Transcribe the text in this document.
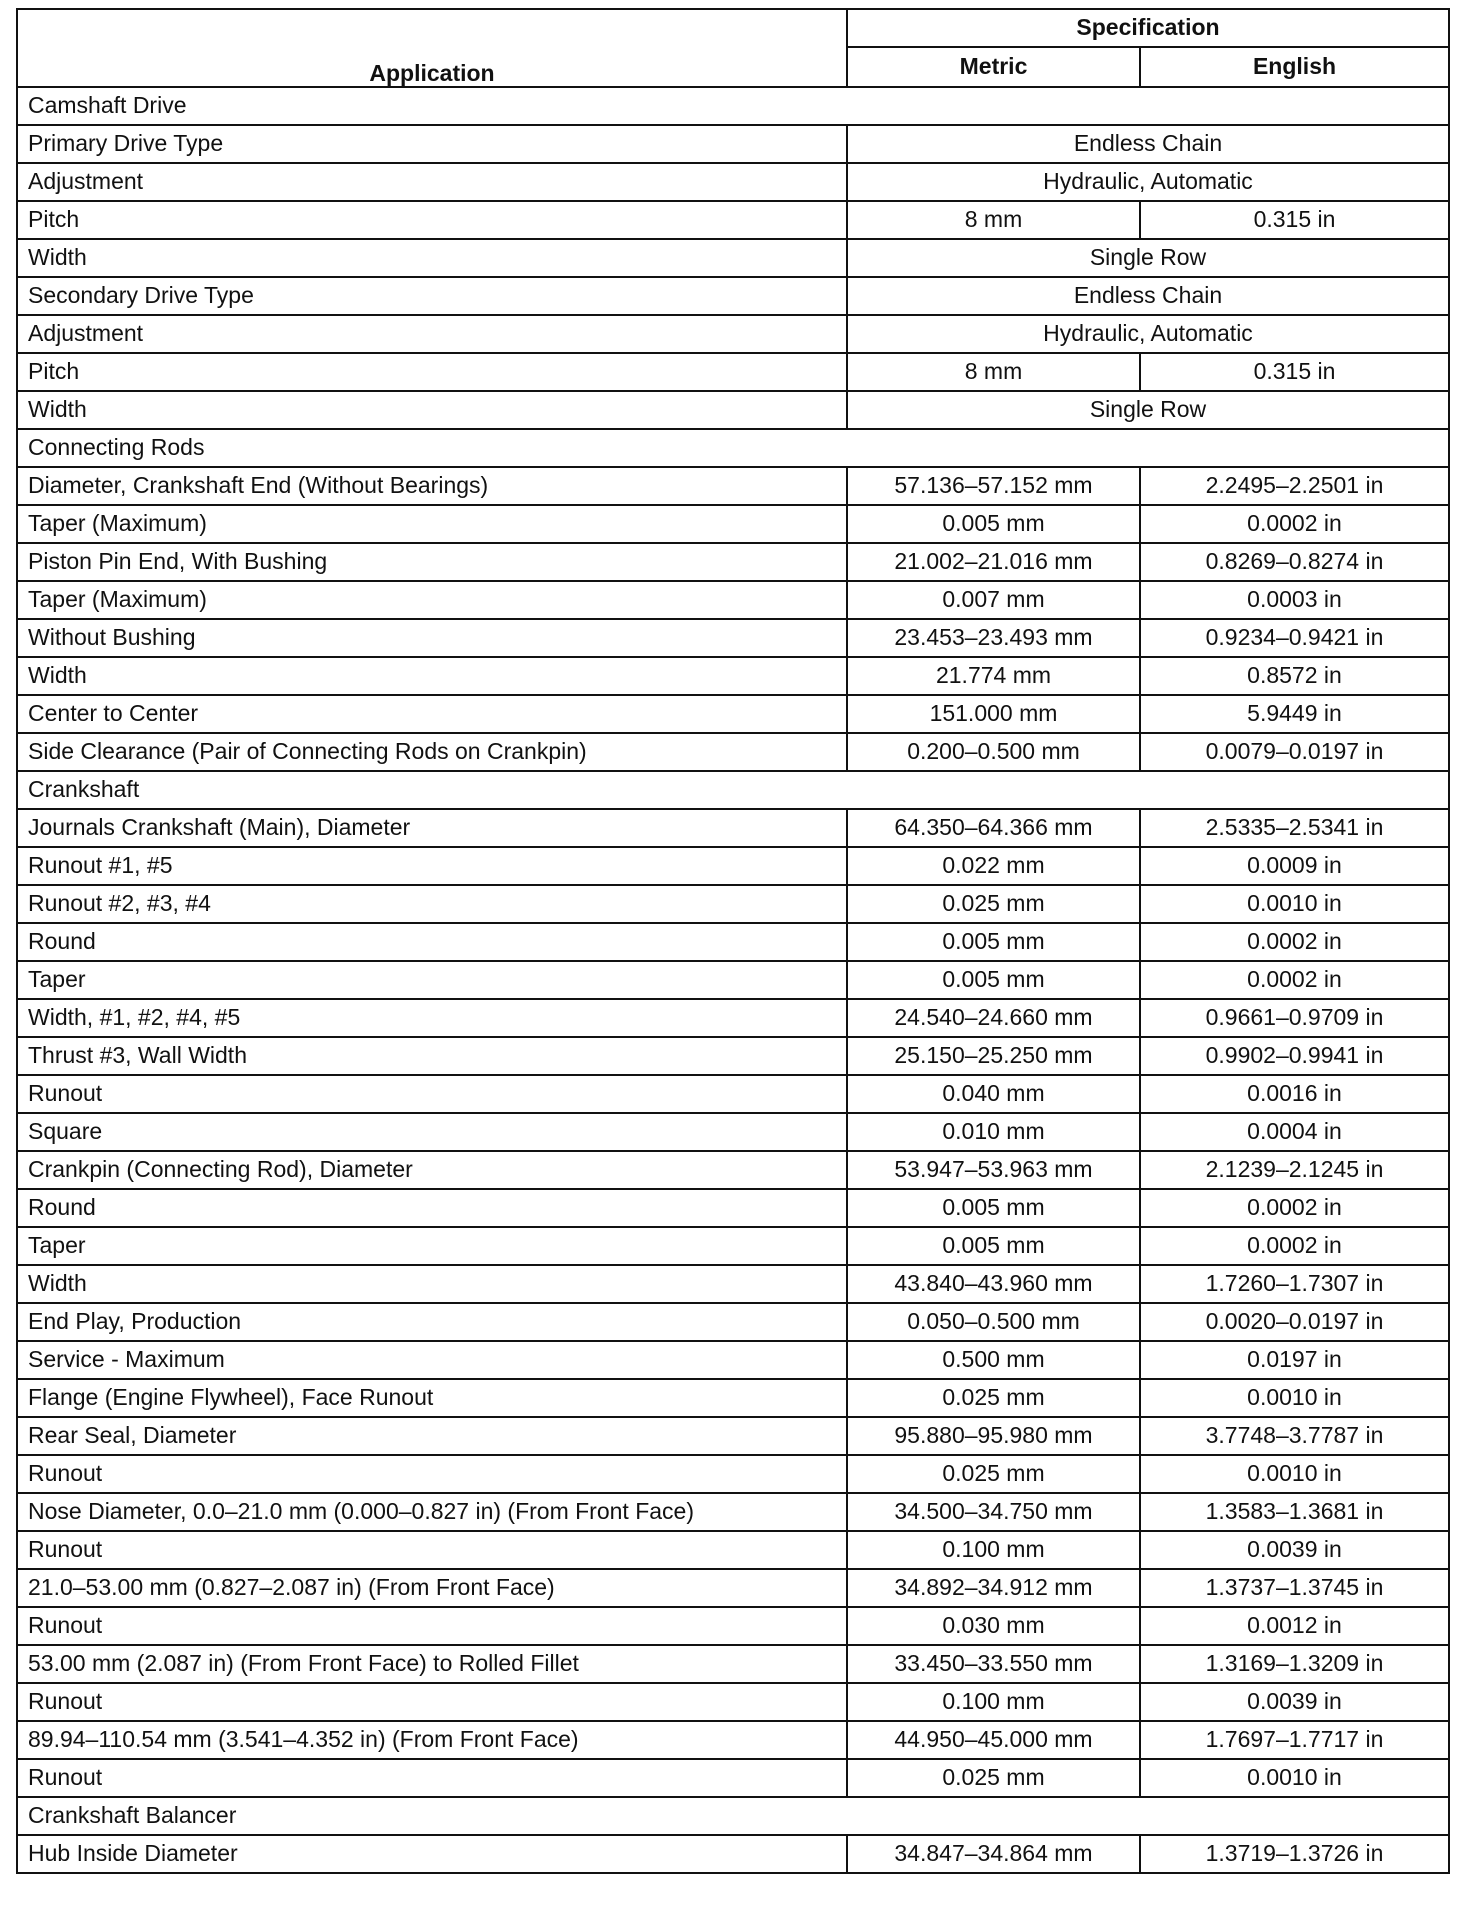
Application	Specification	
	Metric	English
Camshaft Drive		
Primary Drive Type	Endless Chain	
Adjustment	Hydraulic, Automatic	
Pitch	8 mm	0.315 in
Width	Single Row	
Secondary Drive Type	Endless Chain	
Adjustment	Hydraulic, Automatic	
Pitch	8 mm	0.315 in
Width	Single Row	
Connecting Rods		
Diameter, Crankshaft End (Without Bearings)	57.136–57.152 mm	2.2495–2.2501 in
Taper (Maximum)	0.005 mm	0.0002 in
Piston Pin End, With Bushing	21.002–21.016 mm	0.8269–0.8274 in
Taper (Maximum)	0.007 mm	0.0003 in
Without Bushing	23.453–23.493 mm	0.9234–0.9421 in
Width	21.774 mm	0.8572 in
Center to Center	151.000 mm	5.9449 in
Side Clearance (Pair of Connecting Rods on Crankpin)	0.200–0.500 mm	0.0079–0.0197 in
Crankshaft		
Journals Crankshaft (Main), Diameter	64.350–64.366 mm	2.5335–2.5341 in
Runout #1, #5	0.022 mm	0.0009 in
Runout #2, #3, #4	0.025 mm	0.0010 in
Round	0.005 mm	0.0002 in
Taper	0.005 mm	0.0002 in
Width, #1, #2, #4, #5	24.540–24.660 mm	0.9661–0.9709 in
Thrust #3, Wall Width	25.150–25.250 mm	0.9902–0.9941 in
Runout	0.040 mm	0.0016 in
Square	0.010 mm	0.0004 in
Crankpin (Connecting Rod), Diameter	53.947–53.963 mm	2.1239–2.1245 in
Round	0.005 mm	0.0002 in
Taper	0.005 mm	0.0002 in
Width	43.840–43.960 mm	1.7260–1.7307 in
End Play, Production	0.050–0.500 mm	0.0020–0.0197 in
Service - Maximum	0.500 mm	0.0197 in
Flange (Engine Flywheel), Face Runout	0.025 mm	0.0010 in
Rear Seal, Diameter	95.880–95.980 mm	3.7748–3.7787 in
Runout	0.025 mm	0.0010 in
Nose Diameter, 0.0–21.0 mm (0.000–0.827 in) (From Front Face)	34.500–34.750 mm	1.3583–1.3681 in
Runout	0.100 mm	0.0039 in
21.0–53.00 mm (0.827–2.087 in) (From Front Face)	34.892–34.912 mm	1.3737–1.3745 in
Runout	0.030 mm	0.0012 in
53.00 mm (2.087 in) (From Front Face) to Rolled Fillet	33.450–33.550 mm	1.3169–1.3209 in
Runout	0.100 mm	0.0039 in
89.94–110.54 mm (3.541–4.352 in) (From Front Face)	44.950–45.000 mm	1.7697–1.7717 in
Runout	0.025 mm	0.0010 in
Crankshaft Balancer		
Hub Inside Diameter	34.847–34.864 mm	1.3719–1.3726 in
